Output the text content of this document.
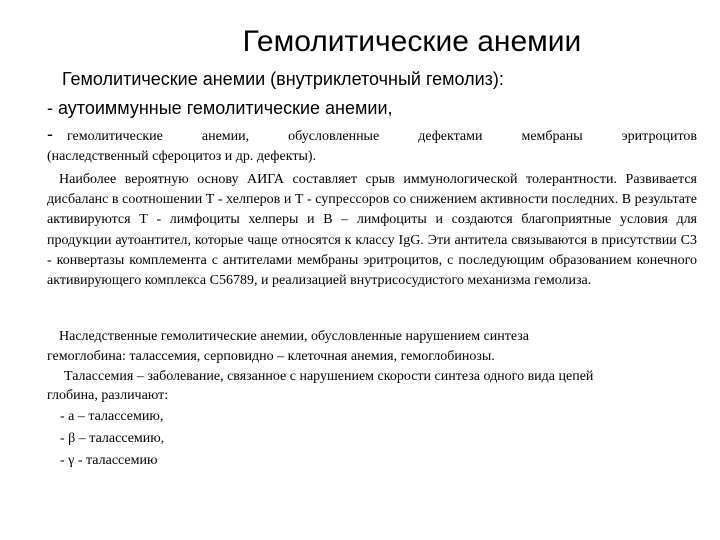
Гемолитические анемии
Гемолитические анемии (внутриклеточный гемолиз):
- аутоиммунные гемолитические анемии,
- гемолитические анемии, обусловленные дефектами мембраны эритроцитов
(наследственный сфероцитоз и др. дефекты).

Наиболее вероятную основу АИГА составляет срыв иммунологической толерантности. Развивается дисбаланс в соотношении Т - хелперов и Т - супрессоров со снижением активности последних. В результате активируются Т - лимфоциты хелперы и В – лимфоциты и создаются благоприятные условия для продукции аутоантител, которые чаще относятся к классу IgG. Эти антитела связываются в присутствии С3 - конвертазы комплемента с антителами мембраны эритроцитов, с последующим образованием конечного активирующего комплекса С56789, и реализацией внутрисосудистого механизма гемолиза.

Наследственные гемолитические анемии, обусловленные нарушением синтеза
гемоглобина: талассемия, серповидно – клеточная анемия, гемоглобинозы.
Талассемия – заболевание, связанное с нарушением скорости синтеза одного вида цепей
глобина, различают:
- а – талассемию,
- β – талассемию,
- γ - талассемию
